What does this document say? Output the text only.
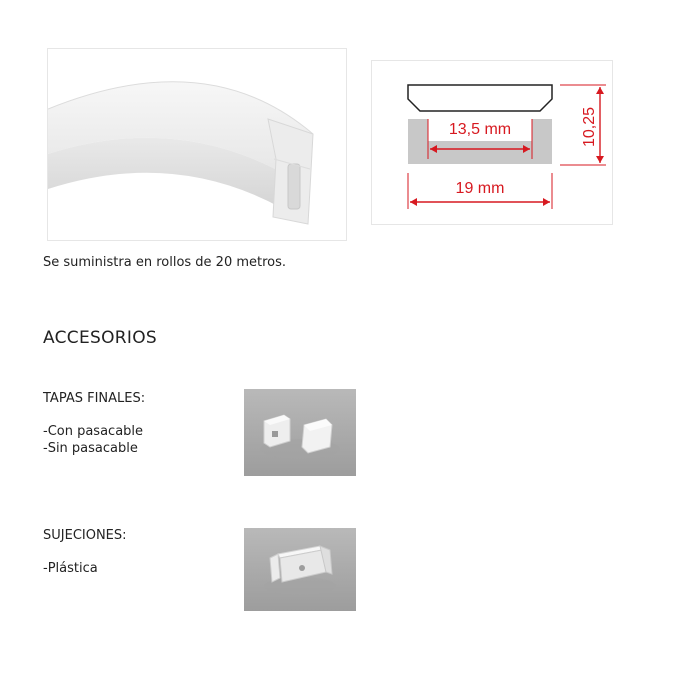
13,5 mm
19 mm
10,25
Se suministra en rollos de 20 metros.
ACCESORIOS
TAPAS FINALES:
-Con pasacable
-Sin pasacable
SUJECIONES:
-Plástica
